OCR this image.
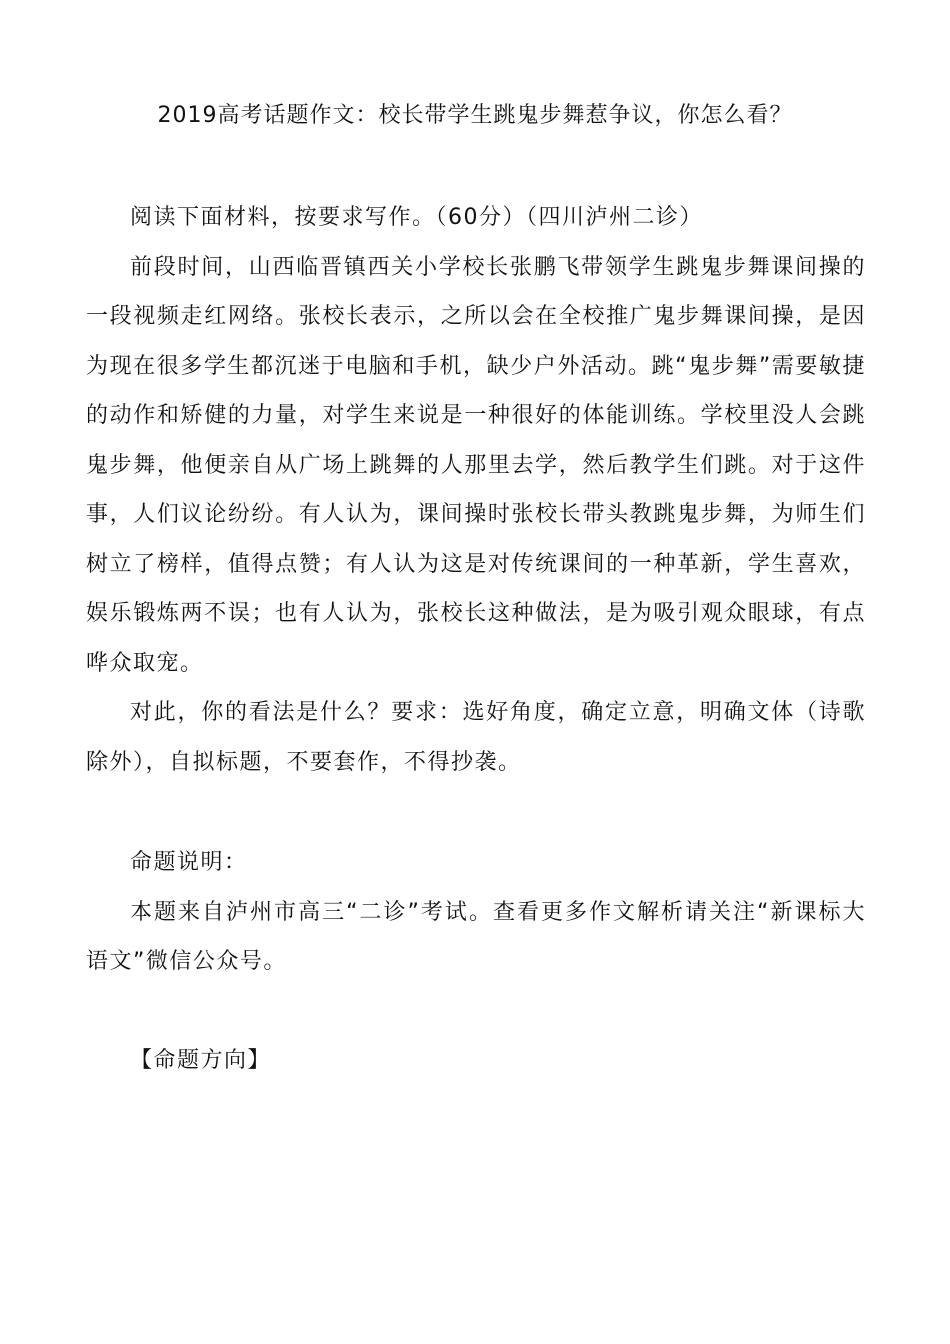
2019高考话题作文：校长带学生跳鬼步舞惹争议，你怎么看？

阅读下面材料，按要求写作。（60分）（四川泸州二诊）

前段时间，山西临晋镇西关小学校长张鹏飞带领学生跳鬼步舞课间操的一段视频走红网络。张校长表示，之所以会在全校推广鬼步舞课间操，是因为现在很多学生都沉迷于电脑和手机，缺少户外活动。跳“鬼步舞”需要敏捷的动作和矫健的力量，对学生来说是一种很好的体能训练。学校里没人会跳鬼步舞，他便亲自从广场上跳舞的人那里去学，然后教学生们跳。对于这件事，人们议论纷纷。有人认为，课间操时张校长带头教跳鬼步舞，为师生们树立了榜样，值得点赞；有人认为这是对传统课间的一种革新，学生喜欢，娱乐锻炼两不误；也有人认为，张校长这种做法，是为吸引观众眼球，有点哗众取宠。

对此，你的看法是什么？要求：选好角度，确定立意，明确文体（诗歌除外），自拟标题，不要套作，不得抄袭。

命题说明：

本题来自泸州市高三“二诊”考试。查看更多作文解析请关注“新课标大语文”微信公众号。

【命题方向】
